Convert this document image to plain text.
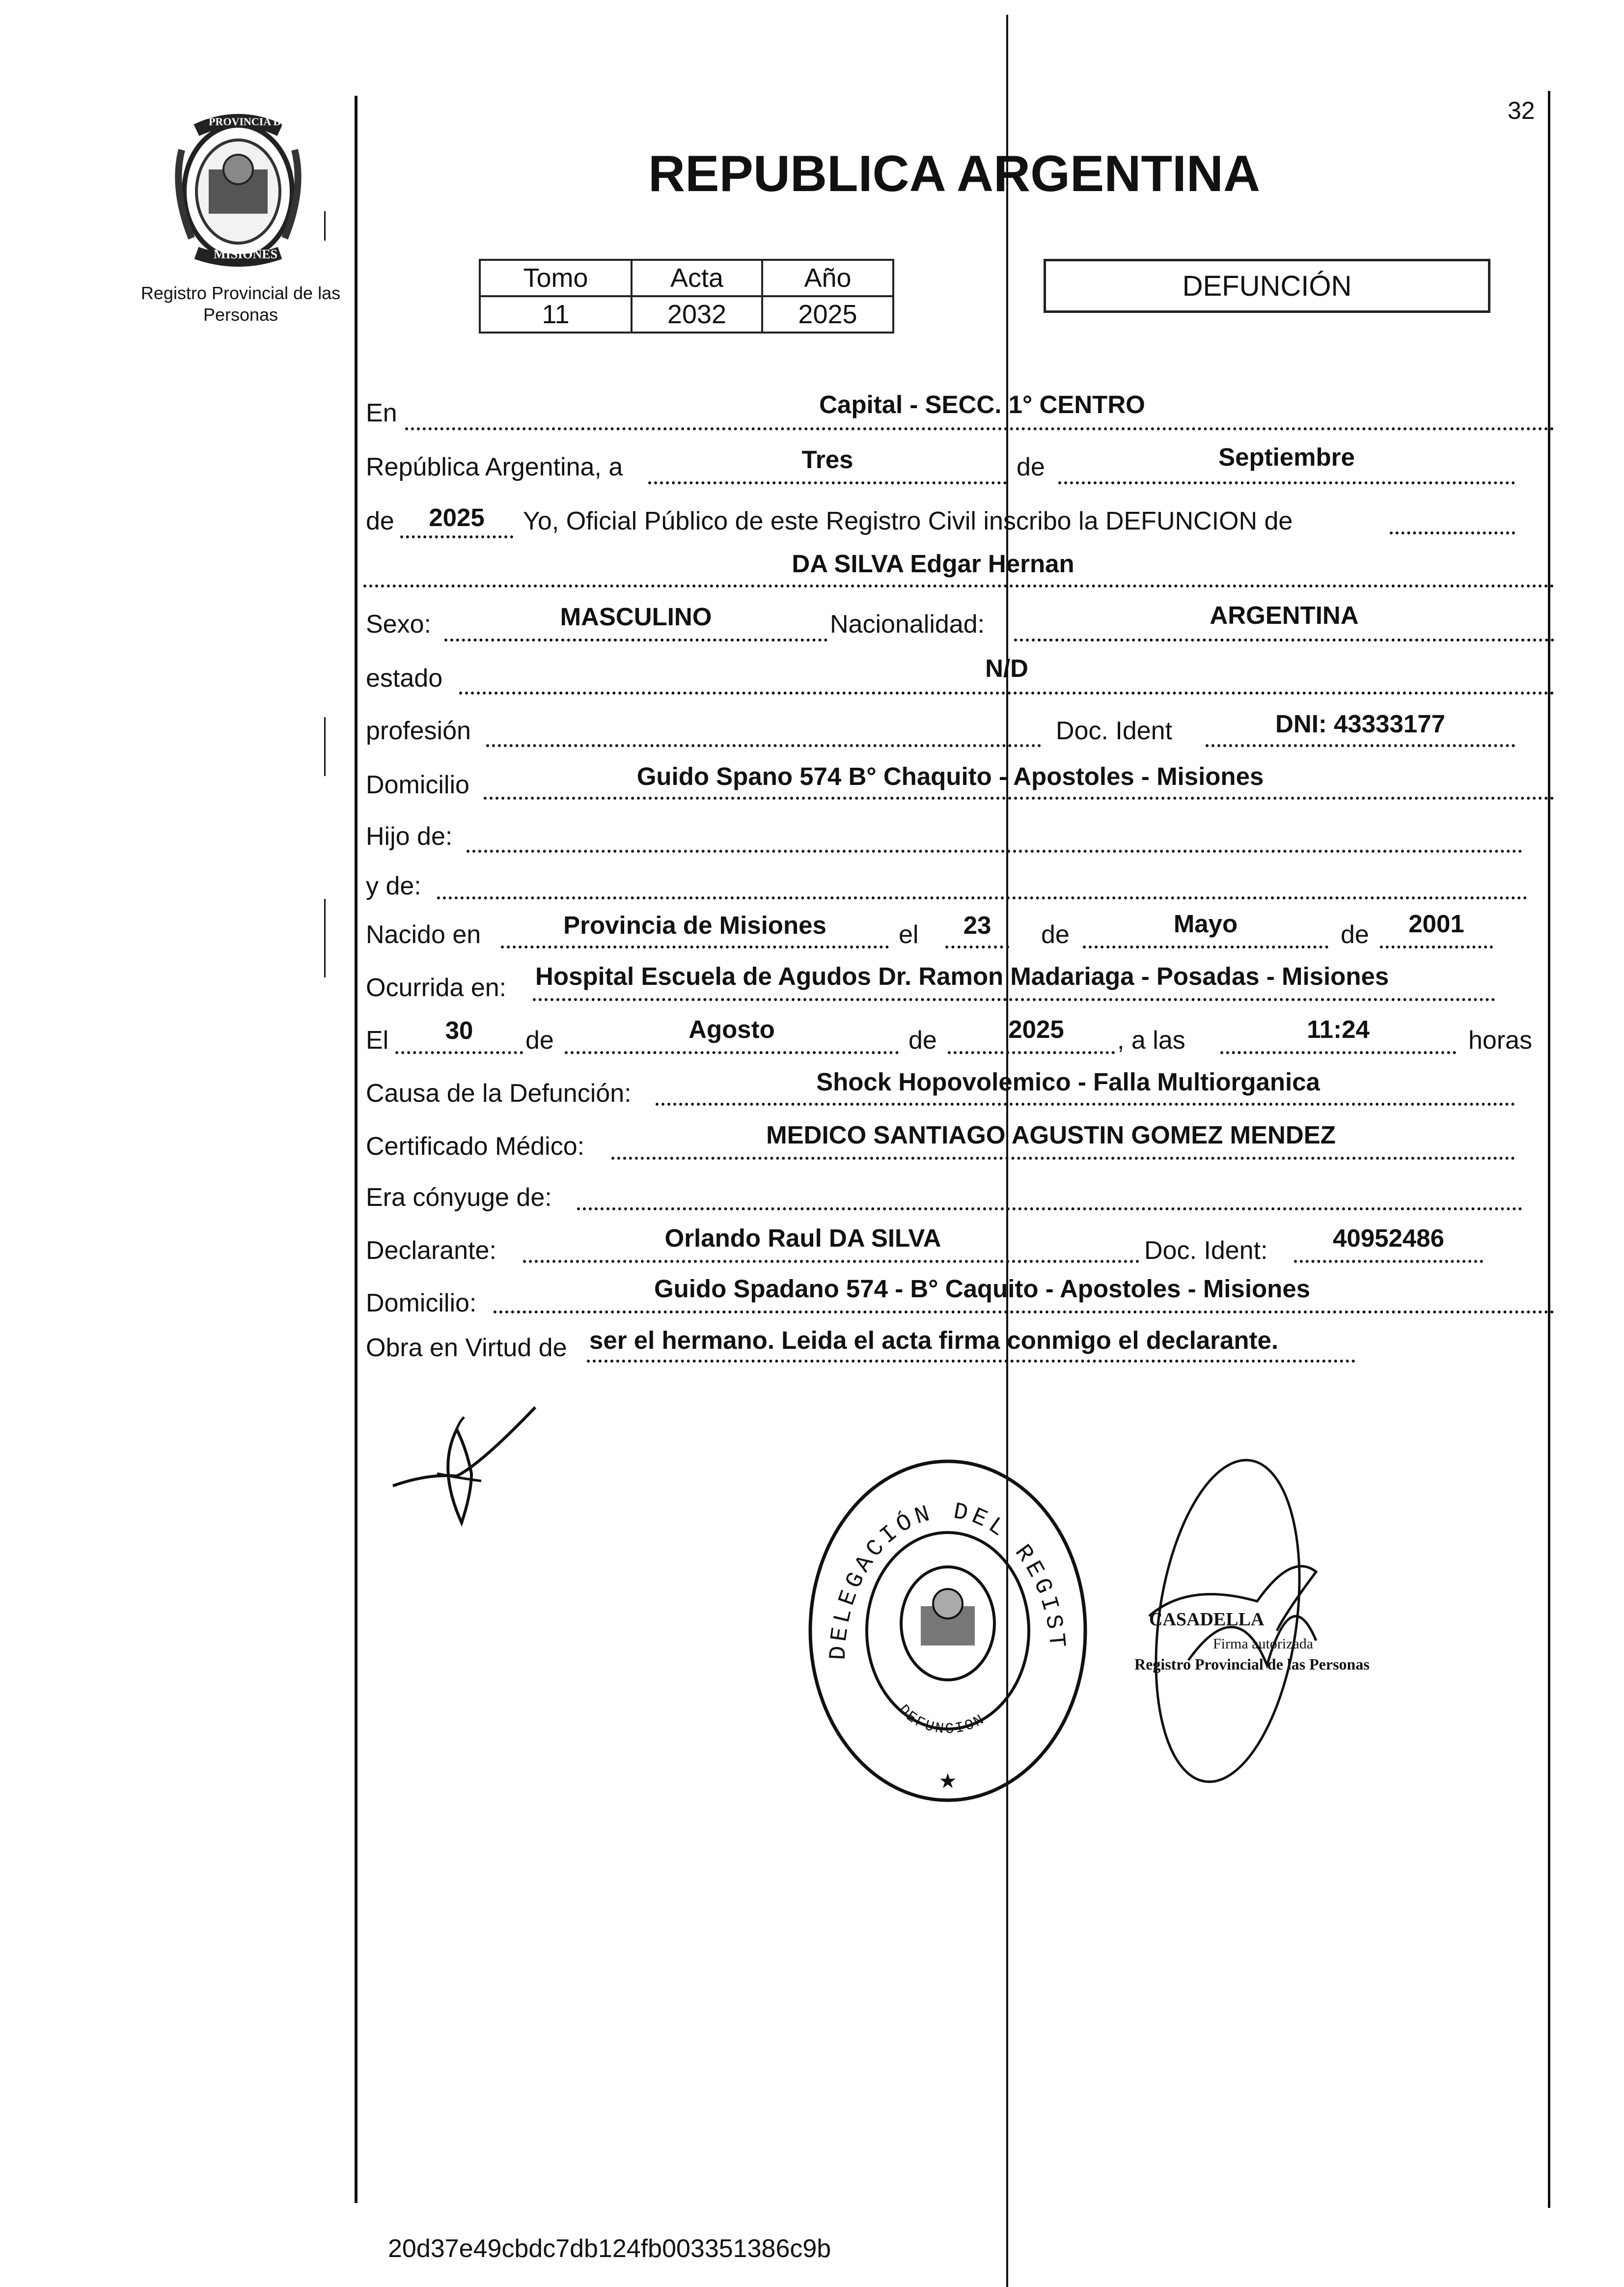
32
PROVINCIA DE
MISIONES
Registro Provincial de las Personas
REPUBLICA ARGENTINA
Tomo	Acta	Año
11	2032	2025
DEFUNCIÓN
En	Capital - SECC. 1° CENTRO
República Argentina, a	Tres	de	Septiembre
de	2025	Yo, Oficial Público de este Registro Civil inscribo la DEFUNCION de
DA SILVA Edgar Hernan
Sexo:	MASCULINO	Nacionalidad:	ARGENTINA
estado	N/D
profesión	Doc. Ident	DNI: 43333177
Domicilio	Guido Spano 574 B° Chaquito - Apostoles - Misiones
Hijo de:
y de:
Nacido en	Provincia de Misiones	el	23	de	Mayo	de	2001
Ocurrida en: Hospital Escuela de Agudos Dr. Ramon Madariaga - Posadas - Misiones
El	30	de	Agosto	de	2025	, a las	11:24	horas
Causa de la Defunción:	Shock Hopovolemico - Falla Multiorganica
Certificado Médico:	MEDICO SANTIAGO AGUSTIN GOMEZ MENDEZ
Era cónyuge de:
Declarante:	Orlando Raul DA SILVA	Doc. Ident:	40952486
Domicilio:
Guido Spadano 574 - B° Caquito - Apostoles - Misiones
Obra en Virtud de ser el hermano. Leida el acta firma conmigo el declarante.
DELEGACIÓN DEL REGIST
DEFUNCION
★
CASADELLA
Firma autorizada
Registro Provincial de las Personas
20d37e49cbdc7db124fb003351386c9b
